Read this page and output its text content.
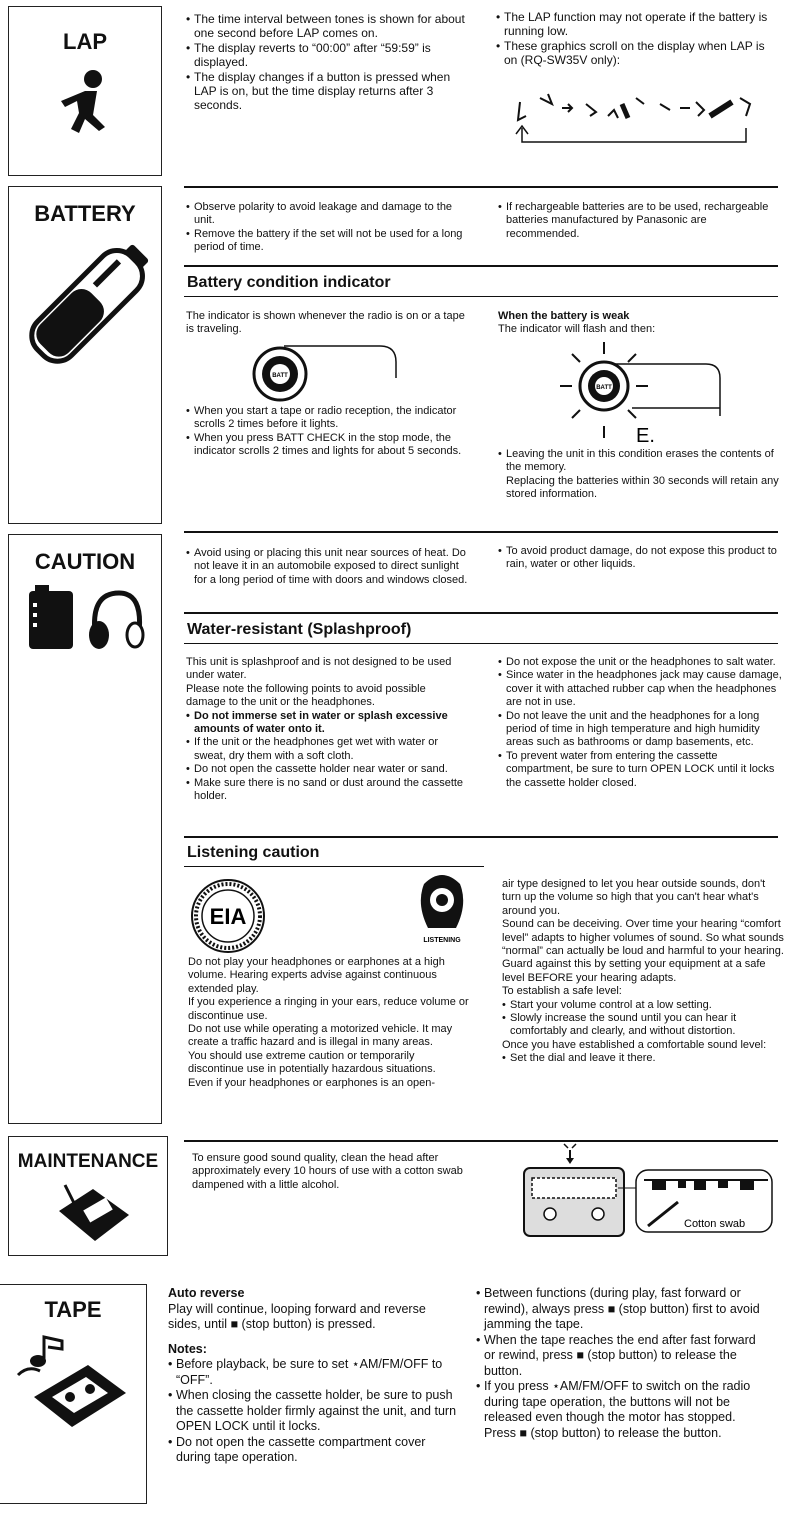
LAP

• The time interval between tones is shown for about one second before LAP comes on.

• The display reverts to “00:00” after “59:59” is displayed.

• The display changes if a button is pressed when LAP is on, but the time display returns after 3 seconds.

• The LAP function may not operate if the battery is running low.

• These graphics scroll on the display when LAP is on (RQ-SW35V only):

BATTERY	• Observe polarity to avoid leakage and damage to the unit.

• Remove the battery if the set will not be used for a long period of time.

• If rechargeable batteries are to be used, rechargeable batteries manufactured by Panasonic are recommended.

Battery condition indicator

The indicator is shown whenever the radio is on or a tape is traveling.

BATT

• When you start a tape or radio reception, the indicator scrolls 2 times before it lights.

• When you press BATT CHECK in the stop mode, the indicator scrolls 2 times and lights for about 5 seconds.

When the battery is weak

The indicator will flash and then:

BATT
E.

• Leaving the unit in this condition erases the contents of the memory.

Replacing the batteries within 30 seconds will retain any stored information.

CAUTION	• Avoid using or placing this unit near sources of heat. Do not leave it in an automobile exposed to direct sunlight for a long period of time with doors and windows closed.

• To avoid product damage, do not expose this product to rain, water or other liquids.

Water-resistant (Splashproof)

This unit is splashproof and is not designed to be used under water.

Please note the following points to avoid possible damage to the unit or the headphones.

• Do not immerse set in water or splash excessive amounts of water onto it.

• If the unit or the headphones get wet with water or sweat, dry them with a soft cloth.

• Do not open the cassette holder near water or sand.

• Make sure there is no sand or dust around the cassette holder.

• Do not expose the unit or the headphones to salt water.

• Since water in the headphones jack may cause damage, cover it with attached rubber cap when the headphones are not in use.

• Do not leave the unit and the headphones for a long period of time in high temperature and high humidity areas such as bathrooms or damp basements, etc.

• To prevent water from entering the cassette compartment, be sure to turn OPEN LOCK until it locks the cassette holder closed.

Listening caution
EIA
LISTENING

Do not play your headphones or earphones at a high volume. Hearing experts advise against continuous extended play.

If you experience a ringing in your ears, reduce volume or discontinue use.

Do not use while operating a motorized vehicle. It may create a traffic hazard and is illegal in many areas.

You should use extreme caution or temporarily discontinue use in potentially hazardous situations.

Even if your headphones or earphones is an open-

air type designed to let you hear outside sounds, don't turn up the volume so high that you can't hear what's around you.

Sound can be deceiving. Over time your hearing “comfort level” adapts to higher volumes of sound. So what sounds “normal” can actually be loud and harmful to your hearing.

Guard against this by setting your equipment at a safe level BEFORE your hearing adapts.

To establish a safe level:

• Start your volume control at a low setting.

• Slowly increase the sound until you can hear it comfortably and clearly, and without distortion.

Once you have established a comfortable sound level:

• Set the dial and leave it there.

MAINTENANCE	To ensure good sound quality, clean the head after approximately every 10 hours of use with a cotton swab dampened with a little alcohol.

Cotton swab
TAPE

Auto reverse

Play will continue, looping forward and reverse sides, until ■ (stop button) is pressed.

Notes:

• Before playback, be sure to set ⋆AM/FM/OFF to “OFF”.

• When closing the cassette holder, be sure to push the cassette holder firmly against the unit, and turn OPEN LOCK until it locks.

• Do not open the cassette compartment cover during tape operation.

• Between functions (during play, fast forward or rewind), always press ■ (stop button) first to avoid jamming the tape.

• When the tape reaches the end after fast forward or rewind, press ■ (stop button) to release the button.

• If you press ⋆AM/FM/OFF to switch on the radio during tape operation, the buttons will not be released even though the motor has stopped. Press ■ (stop button) to release the button.
